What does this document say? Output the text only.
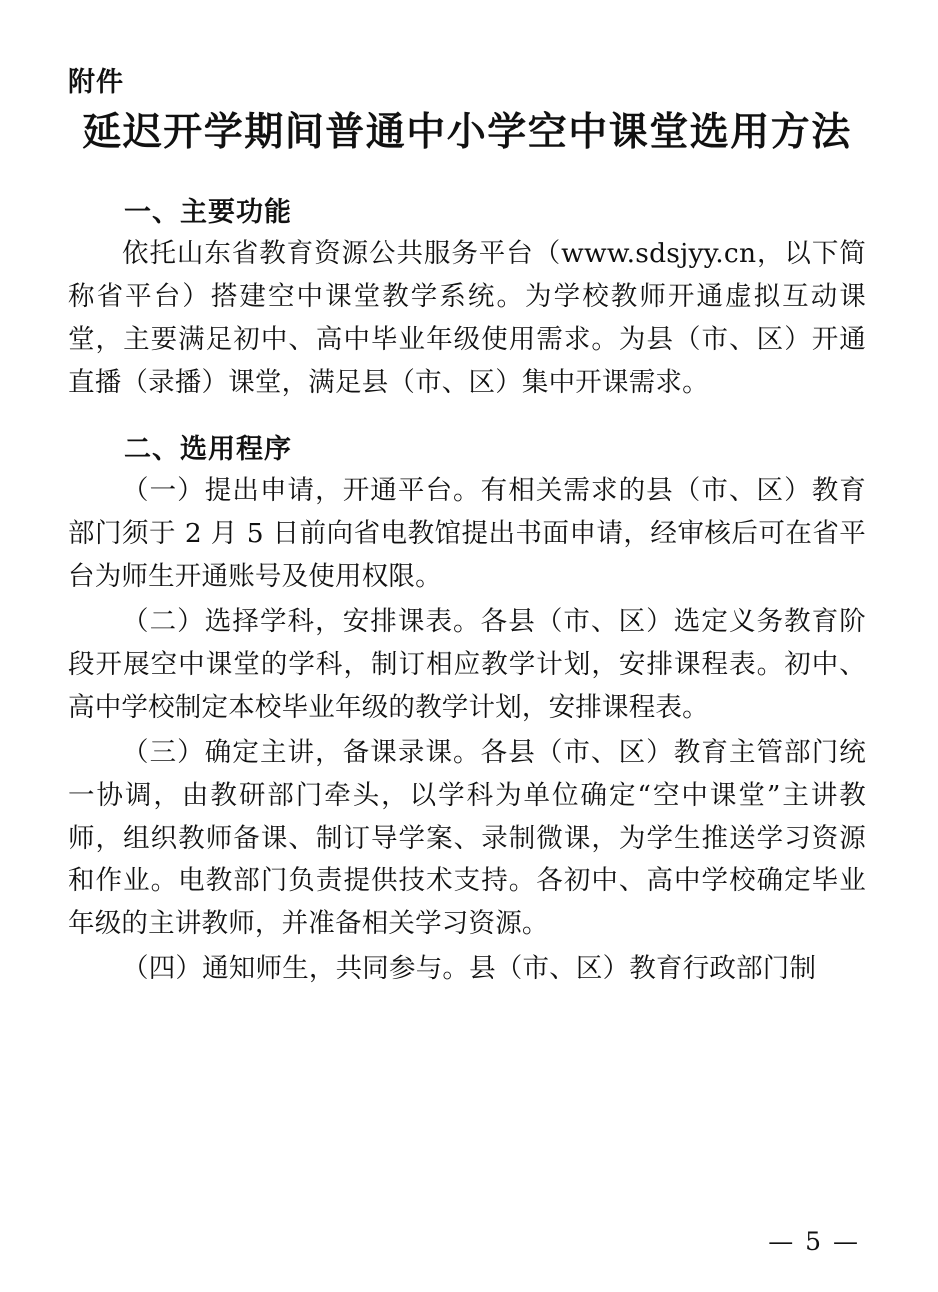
附件
延迟开学期间普通中小学空中课堂选用方法
一、主要功能

依托山东省教育资源公共服务平台（www.sdsjyy.cn，以下简称省平台）搭建空中课堂教学系统。为学校教师开通虚拟互动课堂，主要满足初中、高中毕业年级使用需求。为县（市、区）开通直播（录播）课堂，满足县（市、区）集中开课需求。

二、选用程序

（一）提出申请，开通平台。有相关需求的县（市、区）教育部门须于 2 月 5 日前向省电教馆提出书面申请，经审核后可在省平台为师生开通账号及使用权限。

（二）选择学科，安排课表。各县（市、区）选定义务教育阶段开展空中课堂的学科，制订相应教学计划，安排课程表。初中、高中学校制定本校毕业年级的教学计划，安排课程表。

（三）确定主讲，备课录课。各县（市、区）教育主管部门统一协调，由教研部门牵头，以学科为单位确定“空中课堂”主讲教师，组织教师备课、制订导学案、录制微课，为学生推送学习资源和作业。电教部门负责提供技术支持。各初中、高中学校确定毕业年级的主讲教师，并准备相关学习资源。

（四）通知师生，共同参与。县（市、区）教育行政部门制

— 5 —
